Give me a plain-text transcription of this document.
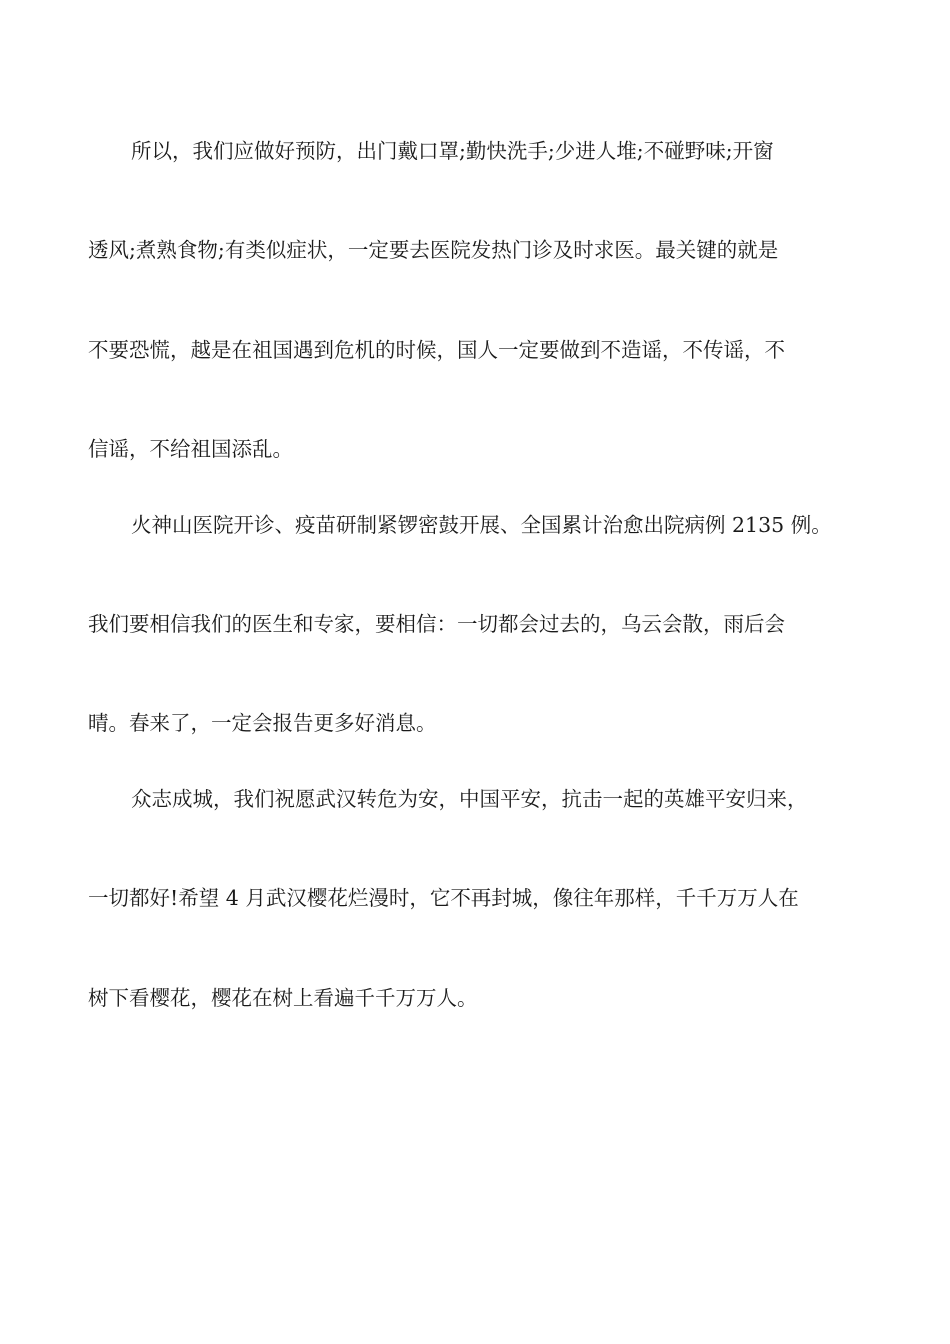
所以，我们应做好预防，出门戴口罩;勤快洗手;少进人堆;不碰野味;开窗
透风;煮熟食物;有类似症状，一定要去医院发热门诊及时求医。最关键的就是
不要恐慌，越是在祖国遇到危机的时候，国人一定要做到不造谣，不传谣，不
信谣，不给祖国添乱。
火神山医院开诊、疫苗研制紧锣密鼓开展、全国累计治愈出院病例 2135 例。
我们要相信我们的医生和专家，要相信：一切都会过去的，乌云会散，雨后会
晴。春来了，一定会报告更多好消息。
众志成城，我们祝愿武汉转危为安，中国平安，抗击一起的英雄平安归来，
一切都好!希望 4 月武汉樱花烂漫时，它不再封城，像往年那样，千千万万人在
树下看樱花，樱花在树上看遍千千万万人。
